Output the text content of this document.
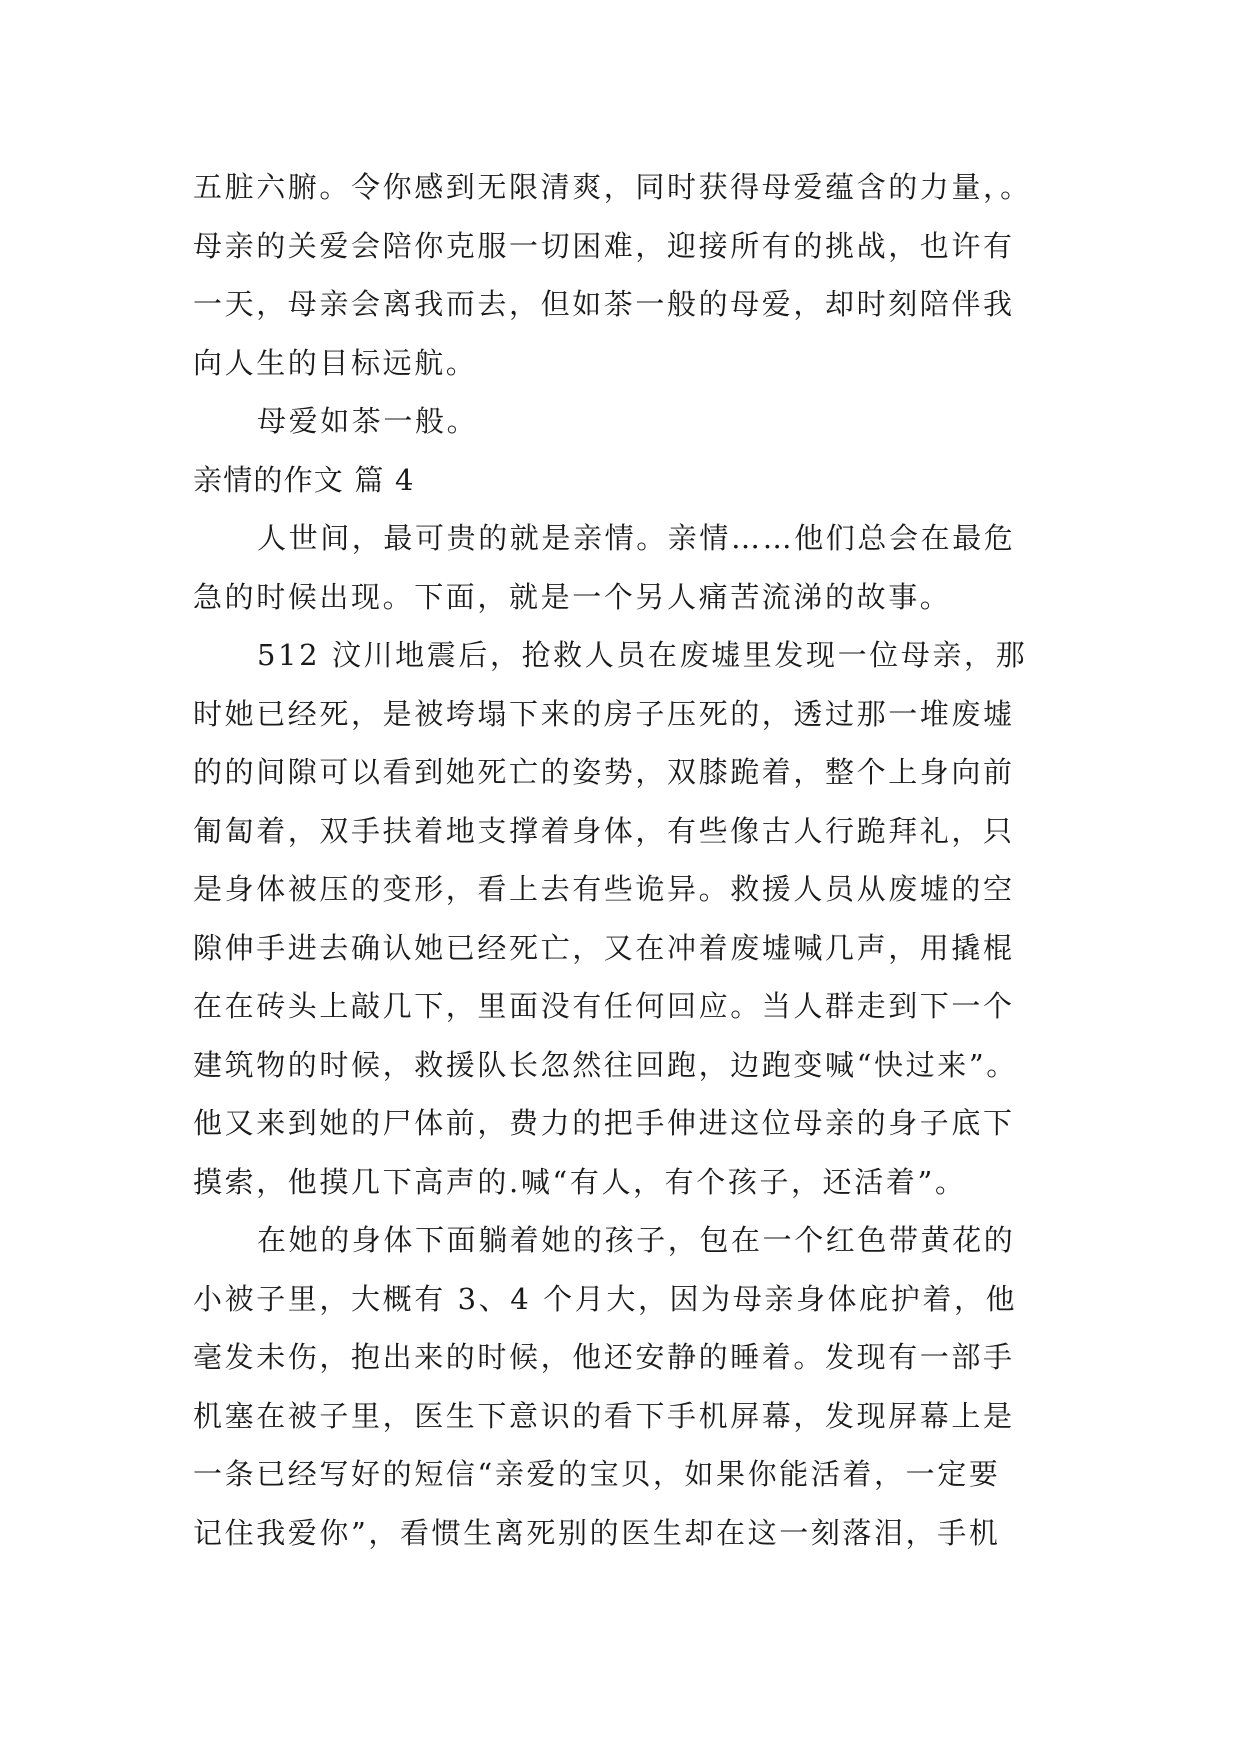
五脏六腑。令你感到无限清爽，同时获得母爱蕴含的力量，。
母亲的关爱会陪你克服一切困难，迎接所有的挑战，也许有
一天，母亲会离我而去，但如茶一般的母爱，却时刻陪伴我
向人生的目标远航。
母爱如茶一般。
亲情的作文 篇 4
人世间，最可贵的就是亲情。亲情……他们总会在最危
急的时候出现。下面，就是一个另人痛苦流涕的故事。
512 汶川地震后，抢救人员在废墟里发现一位母亲，那
时她已经死，是被垮塌下来的房子压死的，透过那一堆废墟
的的间隙可以看到她死亡的姿势，双膝跪着，整个上身向前
匍匐着，双手扶着地支撑着身体，有些像古人行跪拜礼，只
是身体被压的变形，看上去有些诡异。救援人员从废墟的空
隙伸手进去确认她已经死亡，又在冲着废墟喊几声，用撬棍
在在砖头上敲几下，里面没有任何回应。当人群走到下一个
建筑物的时候，救援队长忽然往回跑，边跑变喊“快过来”。
他又来到她的尸体前，费力的把手伸进这位母亲的身子底下
摸索，他摸几下高声的.喊“有人，有个孩子，还活着”。
在她的身体下面躺着她的孩子，包在一个红色带黄花的
小被子里，大概有 3、4 个月大，因为母亲身体庇护着，他
毫发未伤，抱出来的时候，他还安静的睡着。发现有一部手
机塞在被子里，医生下意识的看下手机屏幕，发现屏幕上是
一条已经写好的短信“亲爱的宝贝，如果你能活着，一定要
记住我爱你”，看惯生离死别的医生却在这一刻落泪，手机
